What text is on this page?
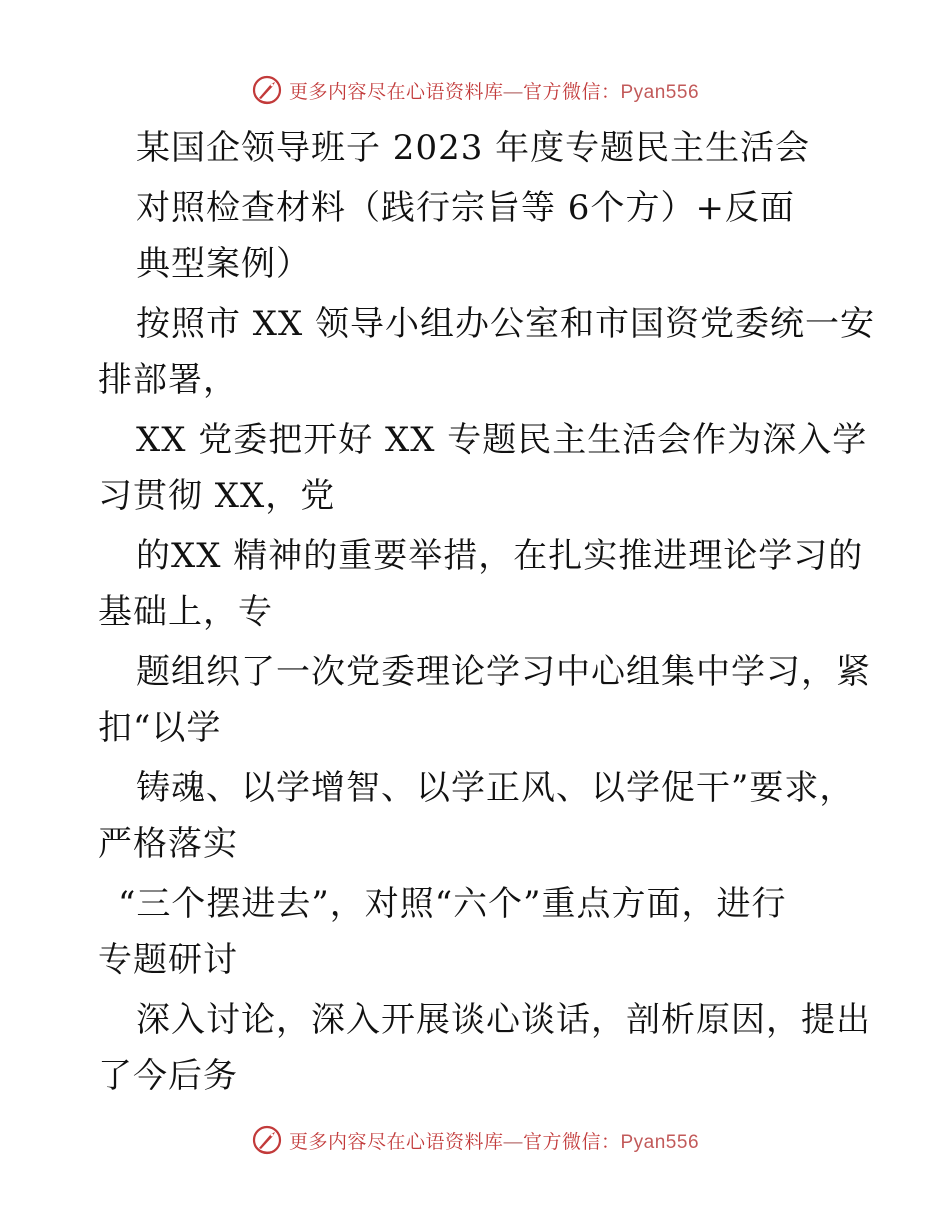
更多内容尽在心语资料库—官方微信：Pyan556
某国企领导班子 2023 年度专题民主生活会
对照检查材料（践行宗旨等 6个方）+反面
典型案例）
按照市 XX 领导小组办公室和市国资党委统一安
排部署，
XX 党委把开好 XX 专题民主生活会作为深入学
习贯彻 XX，党
的XX 精神的重要举措，在扎实推进理论学习的
基础上，专
题组织了一次党委理论学习中心组集中学习，紧
扣“以学
铸魂、以学增智、以学正风、以学促干”要求，
严格落实
“三个摆进去”，对照“六个”重点方面，进行
专题研讨
深入讨论，深入开展谈心谈话，剖析原因，提出
了今后务
更多内容尽在心语资料库—官方微信：Pyan556
